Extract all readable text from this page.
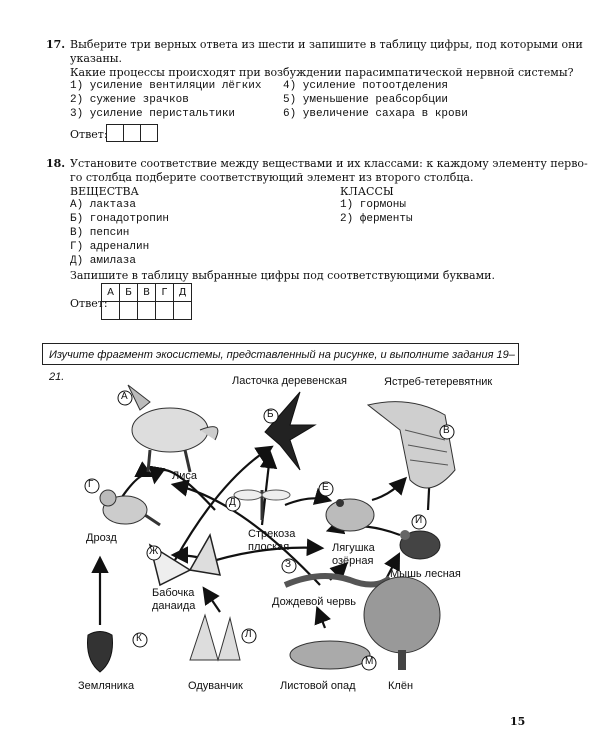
17. Выберите три верных ответа из шести и запишите в таблицу цифры, под которыми они
указаны.
Какие процессы происходят при возбуждении парасимпатической нервной системы?
1) усиление вентиляции лёгких
2) сужение зрачков
3) усиление перистальтики
4) усиление потоотделения
5) уменьшение реабсорбции
6) увеличение сахара в крови
Ответ:
18. Установите соответствие между веществами и их классами: к каждому элементу перво-
го столбца подберите соответствующий элемент из второго столбца.
ВЕЩЕСТВА	КЛАССЫ
А) лактаза
Б) гонадотропин
В) пепсин
Г) адреналин
Д) амилаза
1) гормоны
2) ферменты
Запишите в таблицу выбранные цифры под соответствующими буквами.
Ответ:
А	Б	В	Г	Д

Изучите фрагмент экосистемы, представленный на рисунке, и выполните задания 19–21.
А
Б
В
Г
Д
Е
Ж
З
И
К	Л
М
Лиса
Ласточка деревенская	Ястреб-тетеревятник
Дрозд	Стрекоза плоская	Лягушка озёрная
Бабочка данаида	Дождевой червь
Мышь лесная
Земляника	Одуванчик	Листовой опад	Клён
15
